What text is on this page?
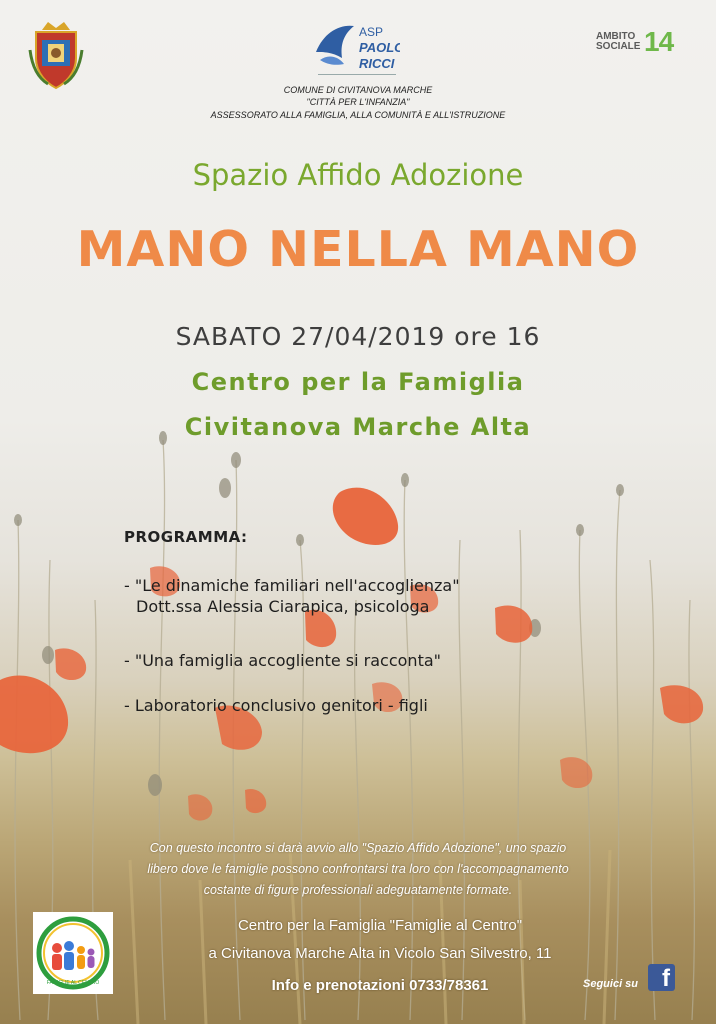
ASP
PAOLO
RICCI
AMBITO
SOCIALE 14
COMUNE DI CIVITANOVA MARCHE
"CITTÀ PER L'INFANZIA"
ASSESSORATO ALLA FAMIGLIA, ALLA COMUNITÀ E ALL'ISTRUZIONE
Spazio Affido Adozione
MANO NELLA MANO
SABATO 27/04/2019 ore 16
Centro per la Famiglia
Civitanova Marche Alta
PROGRAMMA:
- "Le dinamiche familiari nell'accoglienza"
Dott.ssa Alessia Ciarapica, psicologa
- "Una famiglia accogliente si racconta"
- Laboratorio conclusivo genitori - figli
Con questo incontro si darà avvio allo "Spazio Affido Adozione", uno spazio
libero dove le famiglie possono confrontarsi tra loro con l'accompagnamento
costante di figure professionali adeguatamente formate.
FAMIGLIE AL CENTRO
Centro per la Famiglia "Famiglie al Centro"
a Civitanova Marche Alta in Vicolo San Silvestro, 11
Info e prenotazioni 0733/78361	Seguici su f
